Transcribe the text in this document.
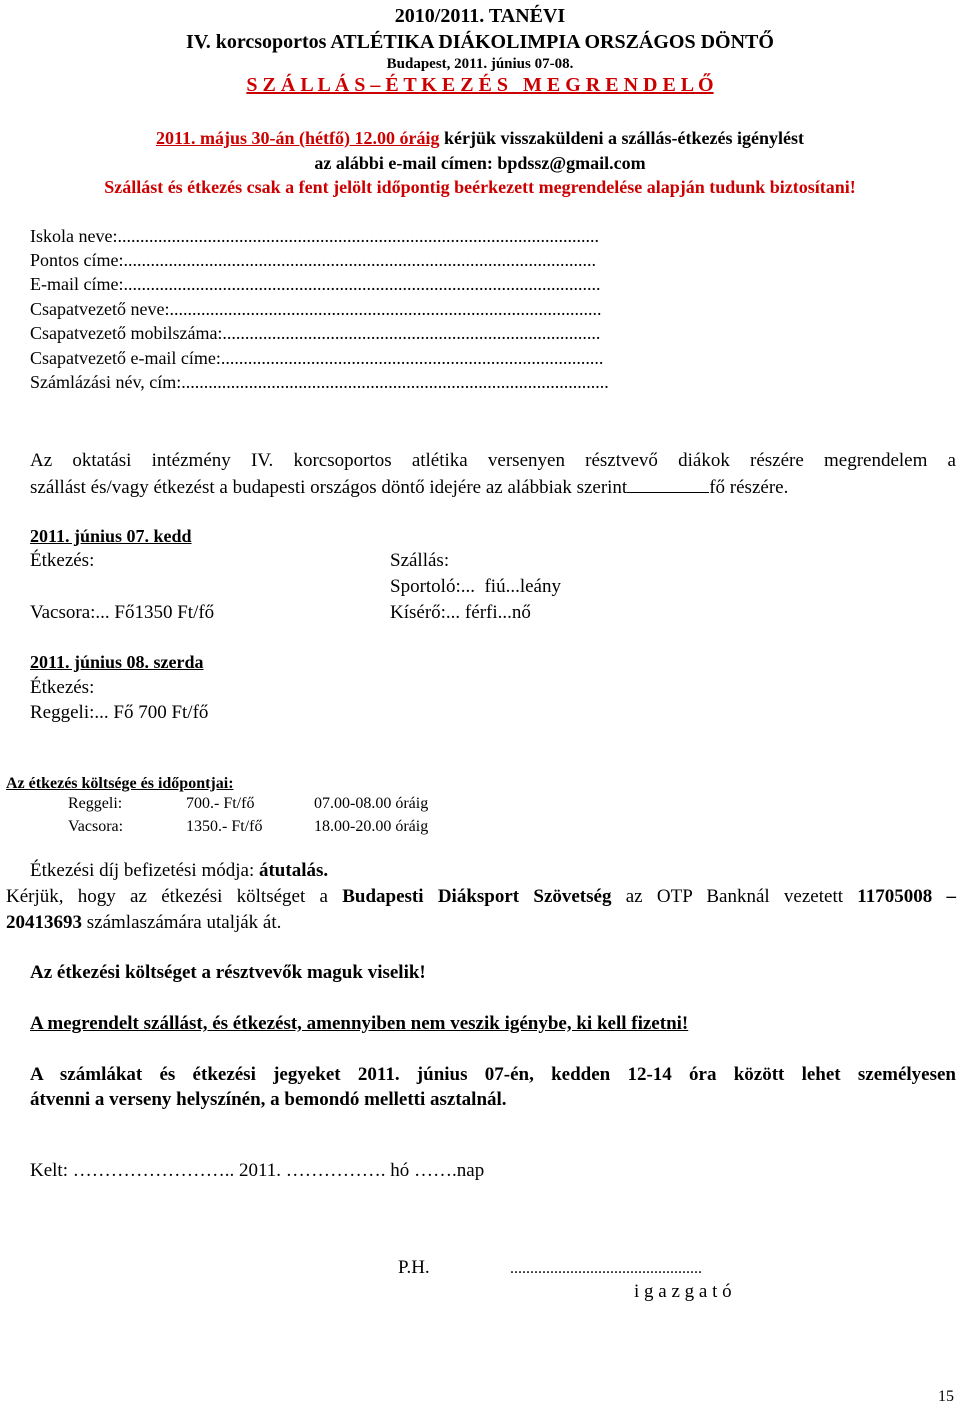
2010/2011. TANÉVI
IV. korcsoportos ATLÉTIKA DIÁKOLIMPIA ORSZÁGOS DÖNTŐ
Budapest, 2011. június 07-08.
S Z Á L L Á S – É T K E Z É S   M E G R E N D E L Ő
2011. május 30-án (hétfő) 12.00 óráig kérjük visszaküldeni a szállás-étkezés igénylést
az alábbi e-mail címen: bpdssz@gmail.com
Szállást és étkezés csak a fent jelölt időpontig beérkezett megrendelése alapján tudunk biztosítani!
Iskola neve:...........................................................................................................
Pontos címe:.........................................................................................................
E-mail címe:..........................................................................................................
Csapatvezető neve:................................................................................................
Csapatvezető mobilszáma:....................................................................................
Csapatvezető e-mail címe:.....................................................................................
Számlázási név, cím:...............................................................................................
Az oktatási intézmény IV. korcsoportos atlétika versenyen résztvevő diákok részére megrendelem a
szállást és/vagy étkezést a budapesti országos döntő idejére az alábbiak szerint	fő részére.
2011. június 07. kedd
Étkezés:
Vacsora:... Fő1350 Ft/fő
Szállás:
Sportoló:...  fiú...leány
Kísérő:... férfi...nő
2011. június 08. szerda
Étkezés:
Reggeli:... Fő 700 Ft/fő
Az étkezés költsége és időpontjai:
Reggeli:	700.- Ft/fő	07.00-08.00 óráig
Vacsora:	1350.- Ft/fő	18.00-20.00 óráig
Étkezési díj befizetési módja: átutalás.
Kérjük, hogy az étkezési költséget a Budapesti Diáksport Szövetség az OTP Banknál vezetett 11705008 –
20413693 számlaszámára utalják át.
Az étkezési költséget a résztvevők maguk viselik!
A megrendelt szállást, és étkezést, amennyiben nem veszik igénybe, ki kell fizetni!
A számlákat és étkezési jegyeket 2011. június 07-én, kedden 12-14 óra között lehet személyesen
átvenni a verseny helyszínén, a bemondó melletti asztalnál.
Kelt: …………………….. 2011. ……………. hó …….nap
P.H.	................................................
i g a z g a t ó
15
